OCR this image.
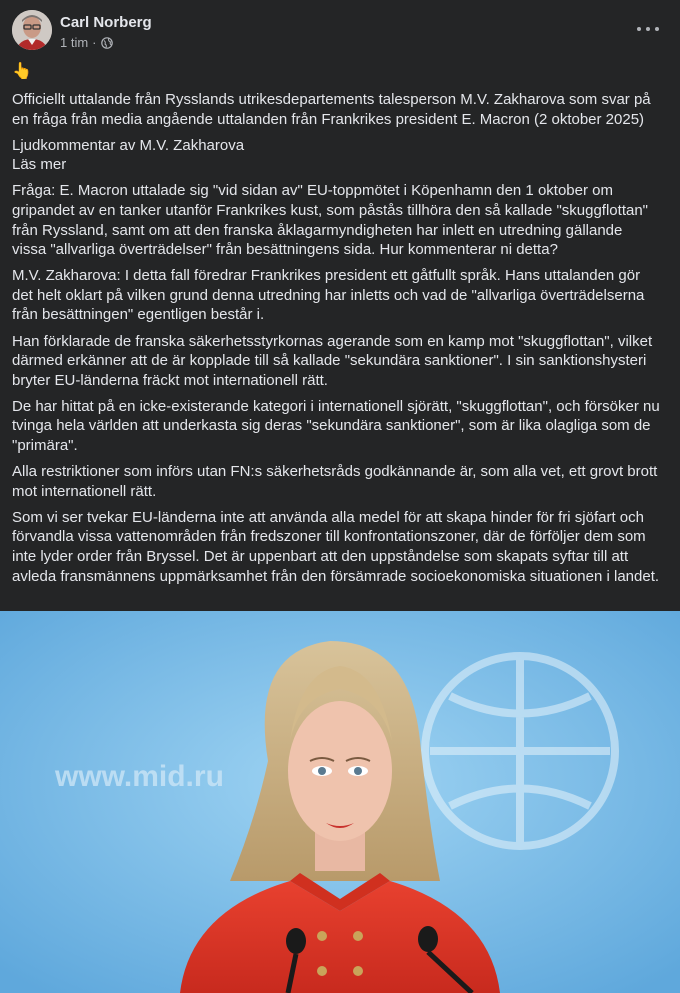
Carl Norberg
1 tim ·

👆

Officiellt uttalande från Rysslands utrikesdepartements talesperson M.V. Zakharova som svar på en fråga från media angående uttalanden från Frankrikes president E. Macron (2 oktober 2025)

Ljudkommentar av M.V. Zakharova

Läs mer

Fråga: E. Macron uttalade sig "vid sidan av" EU-toppmötet i Köpenhamn den 1 oktober om gripandet av en tanker utanför Frankrikes kust, som påstås tillhöra den så kallade "skuggflottan" från Ryssland, samt om att den franska åklagarmyndigheten har inlett en utredning gällande vissa "allvarliga överträdelser" från besättningens sida. Hur kommenterar ni detta?

M.V. Zakharova: I detta fall föredrar Frankrikes president ett gåtfullt språk. Hans uttalanden gör det helt oklart på vilken grund denna utredning har inletts och vad de "allvarliga överträdelserna från besättningen" egentligen består i.

Han förklarade de franska säkerhetsstyrkornas agerande som en kamp mot "skuggflottan", vilket därmed erkänner att de är kopplade till så kallade "sekundära sanktioner". I sin sanktionshysteri bryter EU-länderna fräckt mot internationell rätt.

De har hittat på en icke-existerande kategori i internationell sjörätt, "skuggflottan", och försöker nu tvinga hela världen att underkasta sig deras "sekundära sanktioner", som är lika olagliga som de "primära".

Alla restriktioner som införs utan FN:s säkerhetsråds godkännande är, som alla vet, ett grovt brott mot internationell rätt.

Som vi ser tvekar EU-länderna inte att använda alla medel för att skapa hinder för fri sjöfart och förvandla vissa vattenområden från fredszoner till konfrontationszoner, där de förföljer dem som inte lyder order från Bryssel. Det är uppenbart att den uppståndelse som skapats syftar till att avleda fransmännens uppmärksamhet från den försämrade socioekonomiska situationen i landet.

www.mid.ru
